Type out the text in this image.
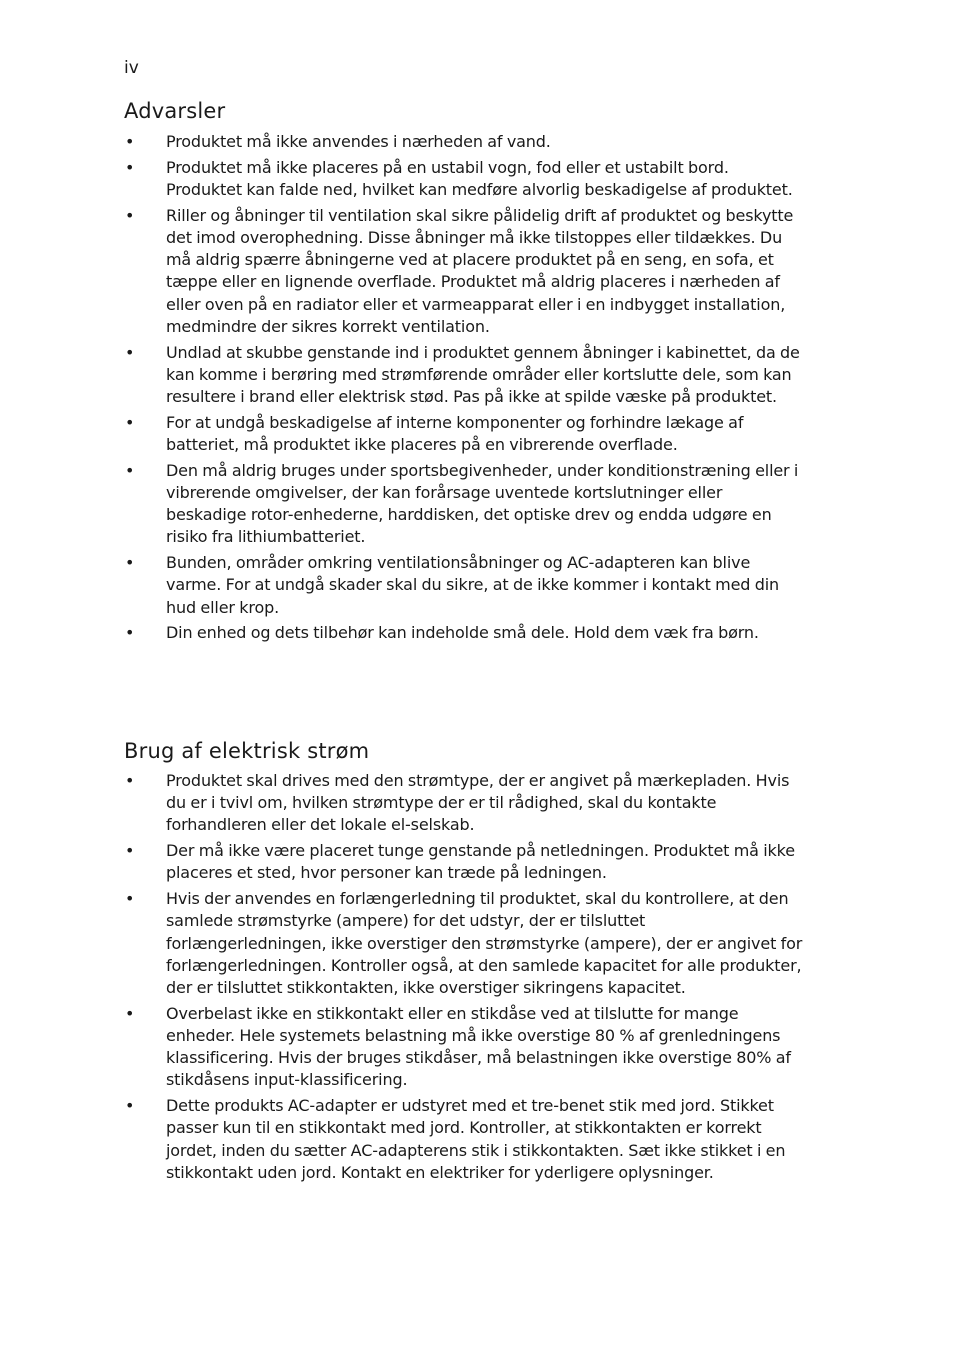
iv
Advarsler
• Produktet må ikke anvendes i nærheden af vand.
• Produktet må ikke placeres på en ustabil vogn, fod eller et ustabilt bord. Produktet kan falde ned, hvilket kan medføre alvorlig beskadigelse af produktet.
• Riller og åbninger til ventilation skal sikre pålidelig drift af produktet og beskytte det imod overophedning. Disse åbninger må ikke tilstoppes eller tildækkes. Du må aldrig spærre åbningerne ved at placere produktet på en seng, en sofa, et tæppe eller en lignende overflade. Produktet må aldrig placeres i nærheden af eller oven på en radiator eller et varmeapparat eller i en indbygget installation, medmindre der sikres korrekt ventilation.
• Undlad at skubbe genstande ind i produktet gennem åbninger i kabinettet, da de kan komme i berøring med strømførende områder eller kortslutte dele, som kan resultere i brand eller elektrisk stød. Pas på ikke at spilde væske på produktet.
• For at undgå beskadigelse af interne komponenter og forhindre lækage af batteriet, må produktet ikke placeres på en vibrerende overflade.
• Den må aldrig bruges under sportsbegivenheder, under konditionstræning eller i vibrerende omgivelser, der kan forårsage uventede kortslutninger eller beskadige rotor-enhederne, harddisken, det optiske drev og endda udgøre en risiko fra lithiumbatteriet.
• Bunden, områder omkring ventilationsåbninger og AC-adapteren kan blive varme. For at undgå skader skal du sikre, at de ikke kommer i kontakt med din hud eller krop.
• Din enhed og dets tilbehør kan indeholde små dele. Hold dem væk fra børn.
Brug af elektrisk strøm
• Produktet skal drives med den strømtype, der er angivet på mærkepladen. Hvis du er i tvivl om, hvilken strømtype der er til rådighed, skal du kontakte forhandleren eller det lokale el-selskab.
• Der må ikke være placeret tunge genstande på netledningen. Produktet må ikke placeres et sted, hvor personer kan træde på ledningen.
• Hvis der anvendes en forlængerledning til produktet, skal du kontrollere, at den samlede strømstyrke (ampere) for det udstyr, der er tilsluttet forlængerledningen, ikke overstiger den strømstyrke (ampere), der er angivet for forlængerledningen. Kontroller også, at den samlede kapacitet for alle produkter, der er tilsluttet stikkontakten, ikke overstiger sikringens kapacitet.
• Overbelast ikke en stikkontakt eller en stikdåse ved at tilslutte for mange enheder. Hele systemets belastning må ikke overstige 80 % af grenledningens klassificering. Hvis der bruges stikdåser, må belastningen ikke overstige 80% af stikdåsens input-klassificering.
• Dette produkts AC-adapter er udstyret med et tre-benet stik med jord. Stikket passer kun til en stikkontakt med jord. Kontroller, at stikkontakten er korrekt jordet, inden du sætter AC-adapterens stik i stikkontakten. Sæt ikke stikket i en stikkontakt uden jord. Kontakt en elektriker for yderligere oplysninger.
